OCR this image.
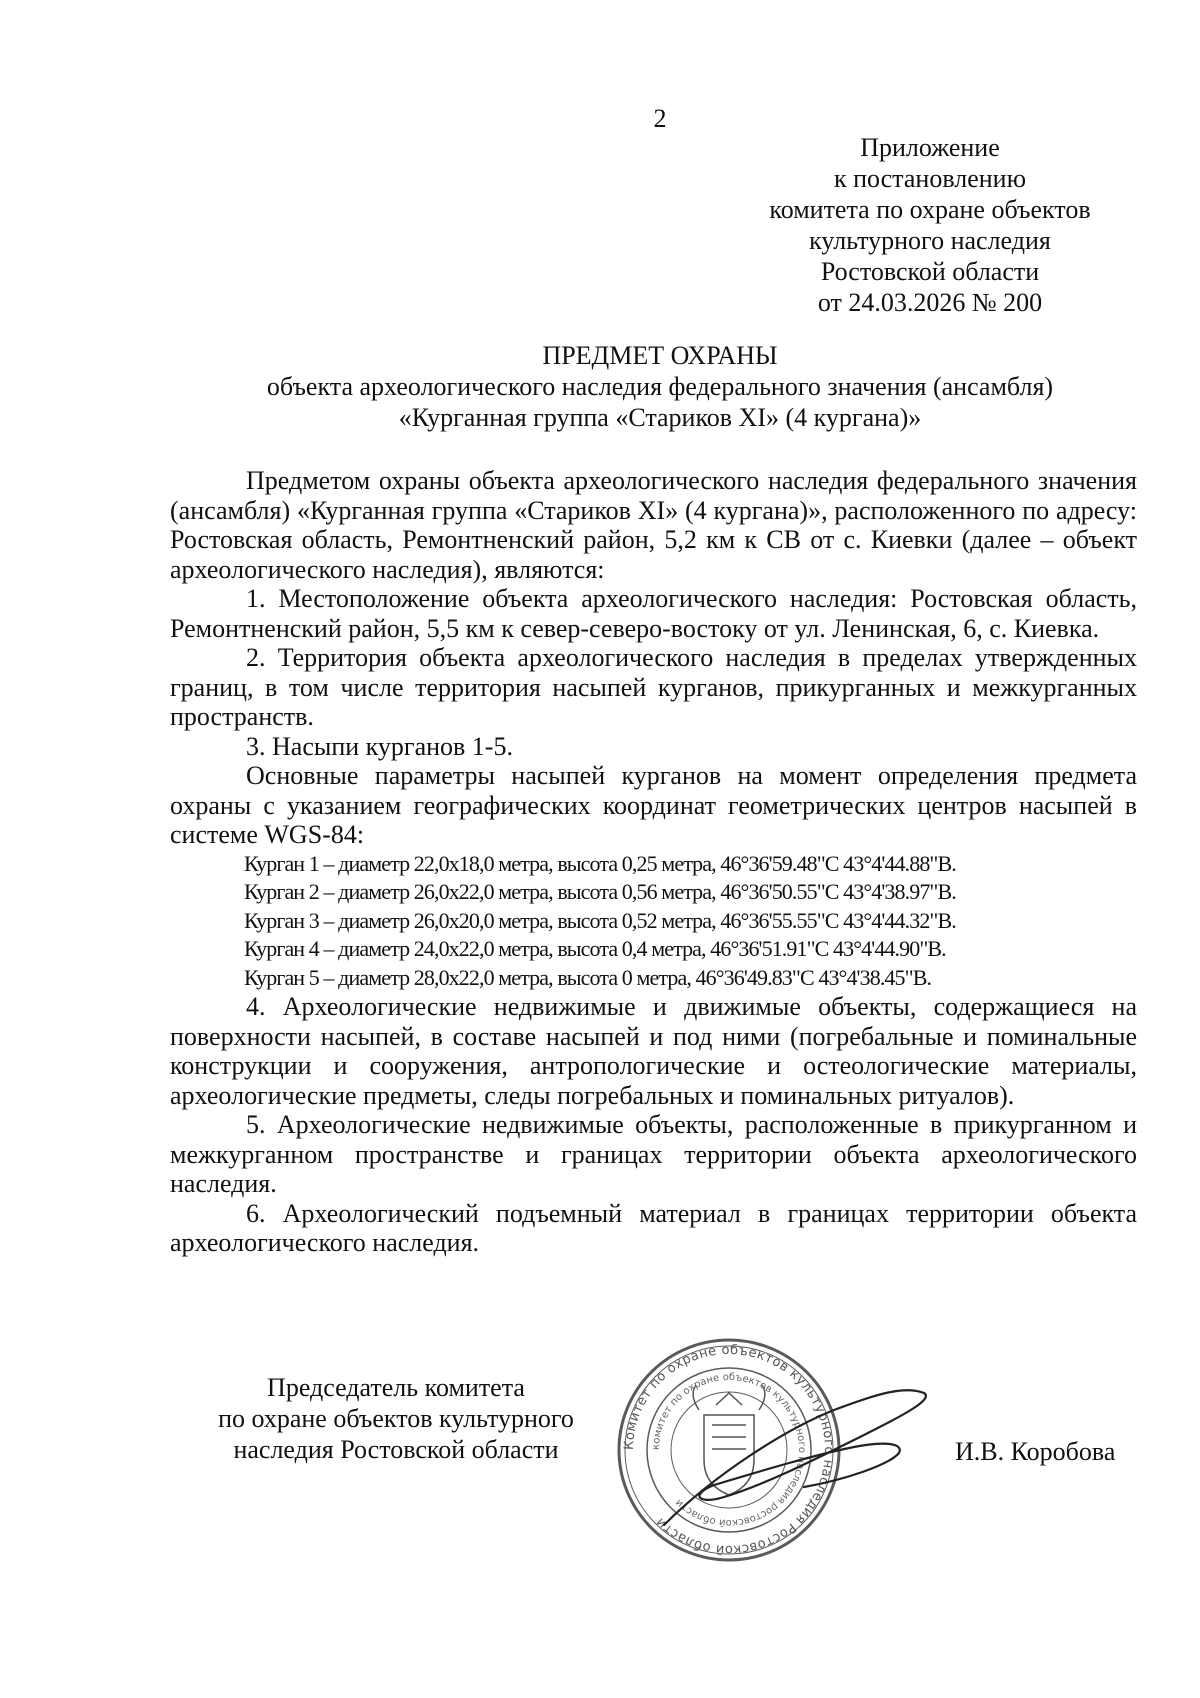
2
Приложение
к постановлению
комитета по охране объектов
культурного наследия
Ростовской области
от 24.03.2026 № 200
ПРЕДМЕТ ОХРАНЫ
объекта археологического наследия федерального значения (ансамбля)
«Курганная группа «Стариков XI» (4 кургана)»

Предметом охраны объекта археологического наследия федерального значения (ансамбля) «Курганная группа «Стариков XI» (4 кургана)», расположенного по адресу: Ростовская область, Ремонтненский район, 5,2 км к СВ от с. Киевки (далее – объект археологического наследия), являются:

1. Местоположение объекта археологического наследия: Ростовская область, Ремонтненский район, 5,5 км к север-северо-востоку от ул. Ленинская, 6, с. Киевка.

2. Территория объекта археологического наследия в пределах утвержденных границ, в том числе территория насыпей курганов, прикурганных и межкурганных пространств.

3. Насыпи курганов 1-5.

Основные параметры насыпей курганов на момент определения предмета охраны с указанием географических координат геометрических центров насыпей в системе WGS-84:

Курган 1 – диаметр 22,0х18,0 метра, высота 0,25 метра, 46°36'59.48"С 43°4'44.88"В.

Курган 2 – диаметр 26,0х22,0 метра, высота 0,56 метра, 46°36'50.55"С 43°4'38.97"В.

Курган 3 – диаметр 26,0х20,0 метра, высота 0,52 метра, 46°36'55.55"С 43°4'44.32"В.

Курган 4 – диаметр 24,0х22,0 метра, высота 0,4 метра, 46°36'51.91"С 43°4'44.90"В.

Курган 5 – диаметр 28,0х22,0 метра, высота 0 метра, 46°36'49.83"С 43°4'38.45"В.

4. Археологические недвижимые и движимые объекты, содержащиеся на поверхности насыпей, в составе насыпей и под ними (погребальные и поминальные конструкции и сооружения, антропологические и остеологические материалы, археологические предметы, следы погребальных и поминальных ритуалов).

5. Археологические недвижимые объекты, расположенные в прикурганном и межкурганном пространстве и границах территории объекта археологического наследия.

6. Археологический подъемный материал в границах территории объекта археологического наследия.

Председатель комитета
по охране объектов культурного
наследия Ростовской области	Комитет по охране объектов культурного наследия Ростовской области
комитет по охране объектов культурного наследия ростовской области
И.В. Коробова
